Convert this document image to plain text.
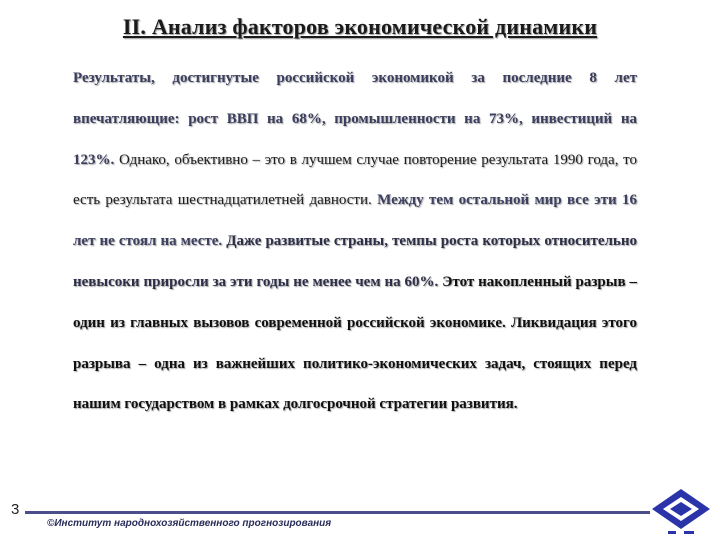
II. Анализ факторов экономической динамики

Результаты, достигнутые российской экономикой за последние 8 лет впечатляющие: рост ВВП на 68%, промышленности на 73%, инвестиций на 123%. Однако, объективно – это в лучшем случае повторение результата 1990 года, то есть результата шестнадцатилетней давности. Между тем остальной мир все эти 16 лет не стоял на месте. Даже развитые страны, темпы роста которых относительно невысоки приросли за эти годы не менее чем на 60%. Этот накопленный разрыв – один из главных вызовов современной российской экономике. Ликвидация этого разрыва – одна из важнейших политико-экономических задач, стоящих перед нашим государством в рамках долгосрочной стратегии развития.

3
©Институт народнохозяйственного прогнозирования
